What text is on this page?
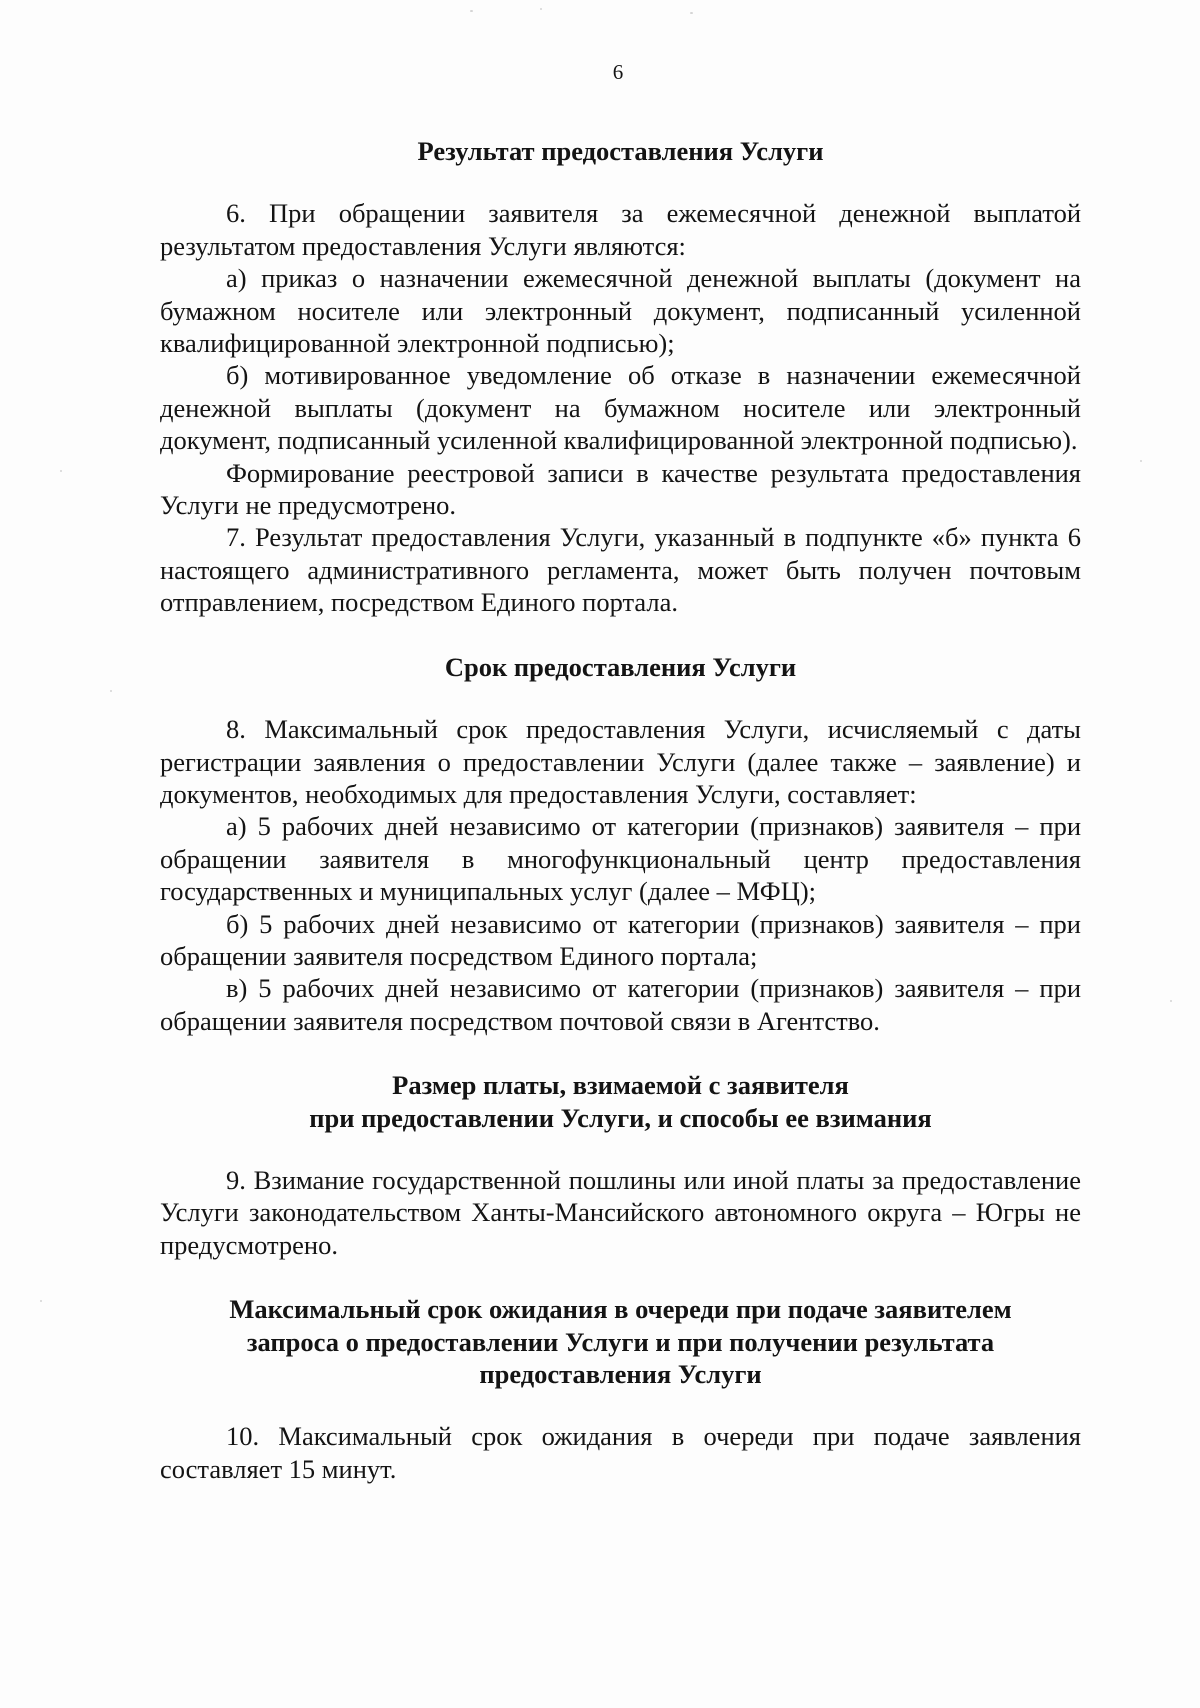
6

Результат предоставления Услуги

6. При обращении заявителя за ежемесячной денежной выплатой результатом предоставления Услуги являются:

а) приказ о назначении ежемесячной денежной выплаты (документ на бумажном носителе или электронный документ, подписанный усиленной квалифицированной электронной подписью);

б) мотивированное уведомление об отказе в назначении ежемесячной денежной выплаты (документ на бумажном носителе или электронный документ, подписанный усиленной квалифицированной электронной подписью).

Формирование реестровой записи в качестве результата предоставления Услуги не предусмотрено.

7. Результат предоставления Услуги, указанный в подпункте «б» пункта 6 настоящего административного регламента, может быть получен почтовым отправлением, посредством Единого портала.

Срок предоставления Услуги

8. Максимальный срок предоставления Услуги, исчисляемый с даты регистрации заявления о предоставлении Услуги (далее также – заявление) и документов, необходимых для предоставления Услуги, составляет:

а) 5 рабочих дней независимо от категории (признаков) заявителя – при обращении заявителя в многофункциональный центр предоставления государственных и муниципальных услуг (далее – МФЦ);

б) 5 рабочих дней независимо от категории (признаков) заявителя – при обращении заявителя посредством Единого портала;

в) 5 рабочих дней независимо от категории (признаков) заявителя – при обращении заявителя посредством почтовой связи в Агентство.

Размер платы, взимаемой с заявителя

при предоставлении Услуги, и способы ее взимания

9. Взимание государственной пошлины или иной платы за предоставление Услуги законодательством Ханты-Мансийского автономного округа – Югры не предусмотрено.

Максимальный срок ожидания в очереди при подаче заявителем

запроса о предоставлении Услуги и при получении результата

предоставления Услуги

10. Максимальный срок ожидания в очереди при подаче заявления составляет 15 минут.
